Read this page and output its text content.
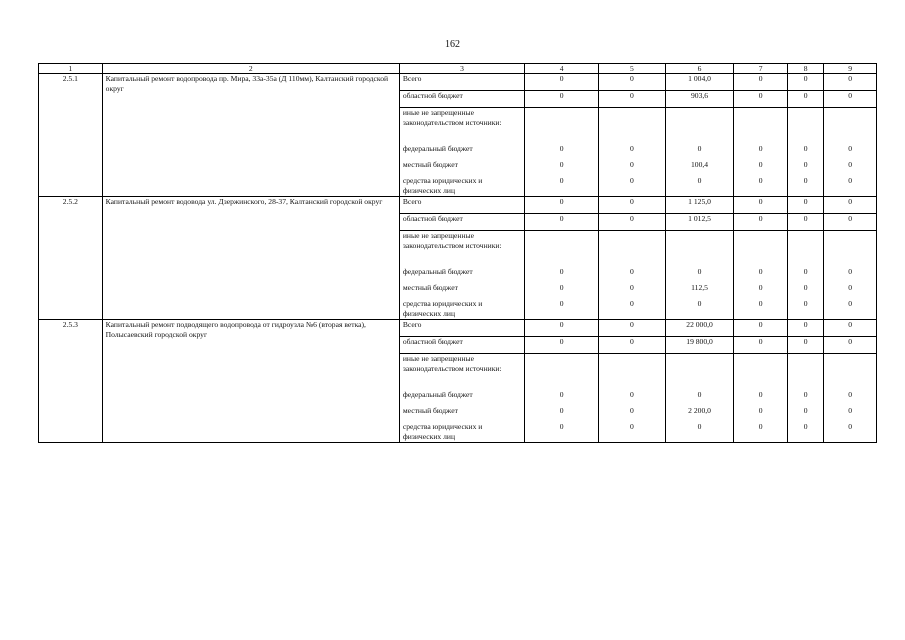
162
1	2	3	4	5	6	7	8	9
2.5.1	Капитальный ремонт водопровода пр. Мира, 33а-35а (Д 110мм), Калтанский городской округ	Всего	0	0	1 004,0	0	0	0
		областной бюджет	0	0	903,6	0	0	0
		иные не запрещенные законодательством источники:						
		федеральный бюджет	0	0	0	0	0	0
		местный бюджет	0	0	100,4	0	0	0
		средства юридических и физических лиц	0	0	0	0	0	0
2.5.2	Капитальный ремонт водовода ул. Дзержинского, 28-37, Калтанский городской округ	Всего	0	0	1 125,0	0	0	0
		областной бюджет	0	0	1 012,5	0	0	0
		иные не запрещенные законодательством источники:						
		федеральный бюджет	0	0	0	0	0	0
		местный бюджет	0	0	112,5	0	0	0
		средства юридических и физических лиц	0	0	0	0	0	0
2.5.3	Капитальный ремонт подводящего водопровода от гидроузла №6 (вторая ветка), Полысаевский городской округ	Всего	0	0	22 000,0	0	0	0
		областной бюджет	0	0	19 800,0	0	0	0
		иные не запрещенные законодательством источники:						
		федеральный бюджет	0	0	0	0	0	0
		местный бюджет	0	0	2 200,0	0	0	0
		средства юридических и физических лиц	0	0	0	0	0	0
